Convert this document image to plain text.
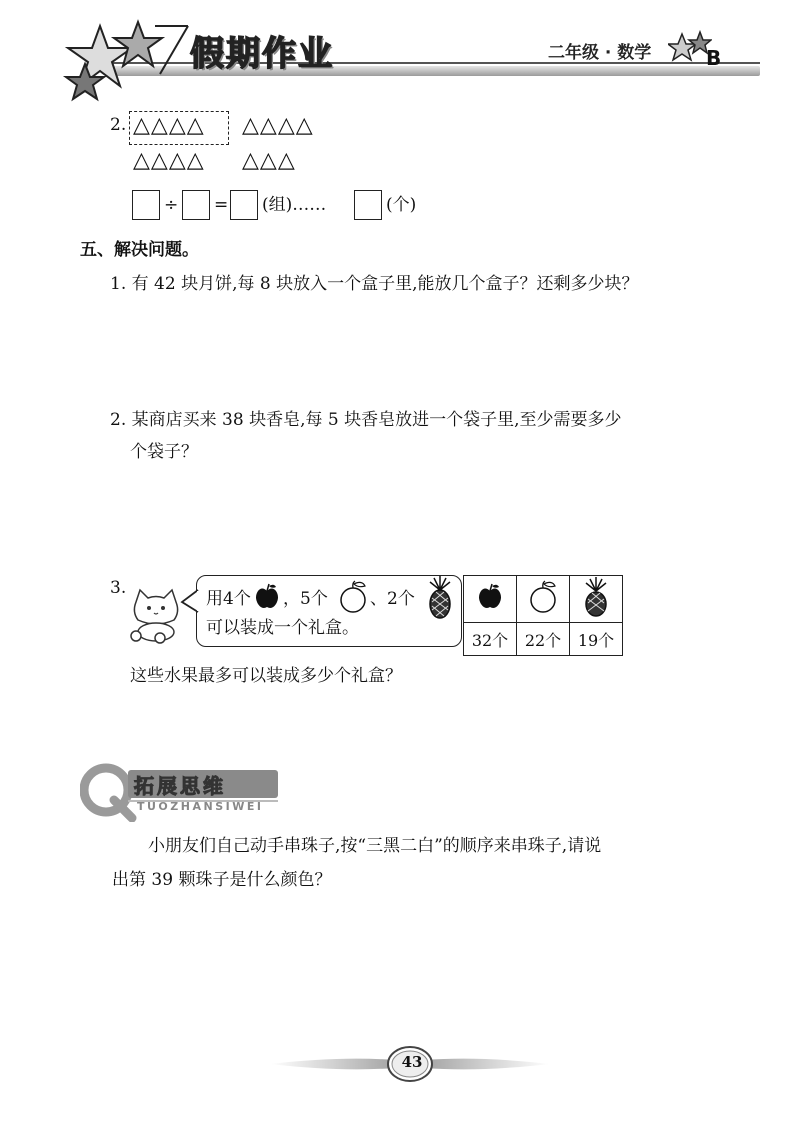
假期作业	二年级 · 数学	B
2. △△△△ △△△△
△△△△ △△△
÷ = (组)……	(个)
五、解决问题。
1. 有 42 块月饼,每 8 块放入一个盒子里,能放几个盒子？还剩多少块？
2. 某商店买来 38 块香皂,每 5 块香皂放进一个袋子里,至少需要多少
个袋子？
3.
用4个 ，5个 、2个
可以装成一个礼盒。

32个	22个	19个
这些水果最多可以装成多少个礼盒？
拓展思维
TUOZHANSIWEI
小朋友们自己动手串珠子,按“三黑二白”的顺序来串珠子,请说
出第 39 颗珠子是什么颜色？
43
